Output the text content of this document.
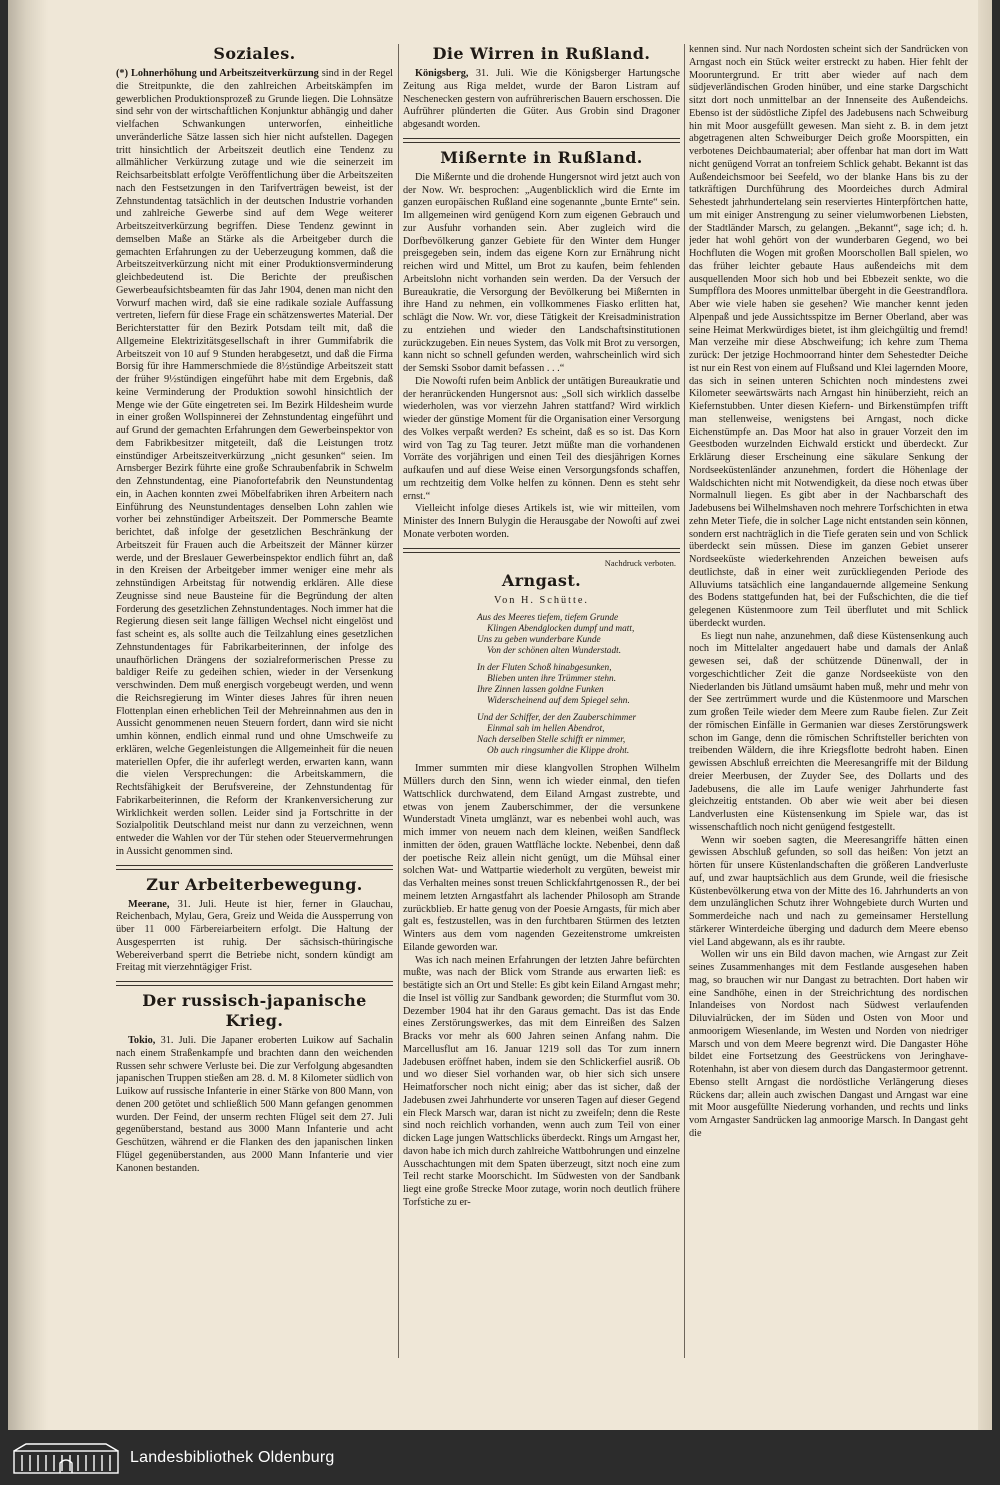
Soziales.

(*) Lohnerhöhung und Arbeitszeitverkürzung sind in der Regel die Streitpunkte, die den zahlreichen Arbeitskämpfen im gewerblichen Produktionsprozeß zu Grunde liegen. Die Lohnsätze sind sehr von der wirtschaftlichen Konjunktur abhängig und daher vielfachen Schwankungen unterworfen, einheitliche unveränderliche Sätze lassen sich hier nicht aufstellen. Dagegen tritt hinsichtlich der Arbeitszeit deutlich eine Tendenz zu allmählicher Verkürzung zutage und wie die seinerzeit im Reichsarbeitsblatt erfolgte Veröffentlichung über die Arbeitszeiten nach den Festsetzungen in den Tarifverträgen beweist, ist der Zehnstundentag tatsächlich in der deutschen Industrie vorhanden und zahlreiche Gewerbe sind auf dem Wege weiterer Arbeitszeitverkürzung begriffen. Diese Tendenz gewinnt in demselben Maße an Stärke als die Arbeitgeber durch die gemachten Erfahrungen zu der Ueberzeugung kommen, daß die Arbeitszeitverkürzung nicht mit einer Produktionsverminderung gleichbedeutend ist. Die Berichte der preußischen Gewerbeaufsichtsbeamten für das Jahr 1904, denen man nicht den Vorwurf machen wird, daß sie eine radikale soziale Auffassung vertreten, liefern für diese Frage ein schätzenswertes Material. Der Berichterstatter für den Bezirk Potsdam teilt mit, daß die Allgemeine Elektrizitätsgesellschaft in ihrer Gummifabrik die Arbeitszeit von 10 auf 9 Stunden herabgesetzt, und daß die Firma Borsig für ihre Hammerschmiede die 8½stündige Arbeitszeit statt der früher 9½stündigen eingeführt habe mit dem Ergebnis, daß keine Verminderung der Produktion sowohl hinsichtlich der Menge wie der Güte eingetreten sei. Im Bezirk Hildesheim wurde in einer großen Wollspinnerei der Zehnstundentag eingeführt und auf Grund der gemachten Erfahrungen dem Gewerbeinspektor von dem Fabrikbesitzer mitgeteilt, daß die Leistungen trotz einstündiger Arbeitszeitverkürzung „nicht gesunken“ seien. Im Arnsberger Bezirk führte eine große Schraubenfabrik in Schwelm den Zehnstundentag, eine Pianofortefabrik den Neunstundentag ein, in Aachen konnten zwei Möbelfabriken ihren Arbeitern nach Einführung des Neunstundentages denselben Lohn zahlen wie vorher bei zehnstündiger Arbeitszeit. Der Pommersche Beamte berichtet, daß infolge der gesetzlichen Beschränkung der Arbeitszeit für Frauen auch die Arbeitszeit der Männer kürzer werde, und der Breslauer Gewerbeinspektor endlich führt an, daß in den Kreisen der Arbeitgeber immer weniger eine mehr als zehnstündigen Arbeitstag für notwendig erklären. Alle diese Zeugnisse sind neue Bausteine für die Begründung der alten Forderung des gesetzlichen Zehnstundentages. Noch immer hat die Regierung diesen seit lange fälligen Wechsel nicht eingelöst und fast scheint es, als sollte auch die Teilzahlung eines gesetzlichen Zehnstundentages für Fabrikarbeiterinnen, der infolge des unaufhörlichen Drängens der sozialreformerischen Presse zu baldiger Reife zu gedeihen schien, wieder in der Versenkung verschwinden. Dem muß energisch vorgebeugt werden, und wenn die Reichsregierung im Winter dieses Jahres für ihren neuen Flottenplan einen erheblichen Teil der Mehreinnahmen aus den in Aussicht genommenen neuen Steuern fordert, dann wird sie nicht umhin können, endlich einmal rund und ohne Umschweife zu erklären, welche Gegenleistungen die Allgemeinheit für die neuen materiellen Opfer, die ihr auferlegt werden, erwarten kann, wann die vielen Versprechungen: die Arbeitskammern, die Rechtsfähigkeit der Berufsvereine, der Zehnstundentag für Fabrikarbeiterinnen, die Reform der Krankenversicherung zur Wirklichkeit werden sollen. Leider sind ja Fortschritte in der Sozialpolitik Deutschland meist nur dann zu verzeichnen, wenn entweder die Wahlen vor der Tür stehen oder Steuervermehrungen in Aussicht genommen sind.

Zur Arbeiterbewegung.

Meerane, 31. Juli. Heute ist hier, ferner in Glauchau, Reichenbach, Mylau, Gera, Greiz und Weida die Aussperrung von über 11 000 Färbereiarbeitern erfolgt. Die Haltung der Ausgesperrten ist ruhig. Der sächsisch-thüringische Webereiverband sperrt die Betriebe nicht, sondern kündigt am Freitag mit vierzehntägiger Frist.

Der russisch-japanische Krieg.

Tokio, 31. Juli. Die Japaner eroberten Luikow auf Sachalin nach einem Straßenkampfe und brachten dann den weichenden Russen sehr schwere Verluste bei. Die zur Verfolgung abgesandten japanischen Truppen stießen am 28. d. M. 8 Kilometer südlich von Luikow auf russische Infanterie in einer Stärke von 800 Mann, von denen 200 getötet und schließlich 500 Mann gefangen genommen wurden. Der Feind, der unserm rechten Flügel seit dem 27. Juli gegenüberstand, bestand aus 3000 Mann Infanterie und acht Geschützen, während er die Flanken des den japanischen linken Flügel gegenüberstanden, aus 2000 Mann Infanterie und vier Kanonen bestanden.

Die Wirren in Rußland.

Königsberg, 31. Juli. Wie die Königsberger Hartungsche Zeitung aus Riga meldet, wurde der Baron Listram auf Neschenecken gestern von aufrührerischen Bauern erschossen. Die Aufrührer plünderten die Güter. Aus Grobin sind Dragoner abgesandt worden.

Mißernte in Rußland.

Die Mißernte und die drohende Hungersnot wird jetzt auch von der Now. Wr. besprochen: „Augenblicklich wird die Ernte im ganzen europäischen Rußland eine sogenannte „bunte Ernte“ sein. Im allgemeinen wird genügend Korn zum eigenen Gebrauch und zur Ausfuhr vorhanden sein. Aber zugleich wird die Dorfbevölkerung ganzer Gebiete für den Winter dem Hunger preisgegeben sein, indem das eigene Korn zur Ernährung nicht reichen wird und Mittel, um Brot zu kaufen, beim fehlenden Arbeitslohn nicht vorhanden sein werden. Da der Versuch der Bureaukratie, die Versorgung der Bevölkerung bei Mißernten in ihre Hand zu nehmen, ein vollkommenes Fiasko erlitten hat, schlägt die Now. Wr. vor, diese Tätigkeit der Kreisadministration zu entziehen und wieder den Landschaftsinstitutionen zurückzugeben. Ein neues System, das Volk mit Brot zu versorgen, kann nicht so schnell gefunden werden, wahrscheinlich wird sich der Semski Ssobor damit befassen . . .“

Die Nowoſti rufen beim Anblick der untätigen Bureaukratie und der heranrückenden Hungersnot aus: „Soll sich wirklich dasselbe wiederholen, was vor vierzehn Jahren stattfand? Wird wirklich wieder der günstige Moment für die Organisation einer Versorgung des Volkes verpaßt werden? Es scheint, daß es so ist. Das Korn wird von Tag zu Tag teurer. Jetzt müßte man die vorhandenen Vorräte des vorjährigen und einen Teil des diesjährigen Kornes aufkaufen und auf diese Weise einen Versorgungsfonds schaffen, um rechtzeitig dem Volke helfen zu können. Denn es steht sehr ernst.“

Vielleicht infolge dieses Artikels ist, wie wir mitteilen, vom Minister des Innern Bulygin die Herausgabe der Nowoſti auf zwei Monate verboten worden.

Nachdruck verboten.
Arngast.
Von H. Schütte.
Aus des Meeres tiefem, tiefem Grunde
Klingen Abendglocken dumpf und matt,
Uns zu geben wunderbare Kunde
Von der schönen alten Wunderstadt.
In der Fluten Schoß hinabgesunken,
Blieben unten ihre Trümmer stehn.
Ihre Zinnen lassen goldne Funken
Widerscheinend auf dem Spiegel sehn.
Und der Schiffer, der den Zauberschimmer
Einmal sah im hellen Abendrot,
Nach derselben Stelle schifft er nimmer,
Ob auch ringsumher die Klippe droht.

Immer summten mir diese klangvollen Strophen Wilhelm Müllers durch den Sinn, wenn ich wieder einmal, den tiefen Wattschlick durchwatend, dem Eiland Arngast zustrebte, und etwas von jenem Zauberschimmer, der die versunkene Wunderstadt Vineta umglänzt, war es nebenbei wohl auch, was mich immer von neuem nach dem kleinen, weißen Sandfleck inmitten der öden, grauen Wattfläche lockte. Nebenbei, denn daß der poetische Reiz allein nicht genügt, um die Mühsal einer solchen Wat- und Wattpartie wiederholt zu vergüten, beweist mir das Verhalten meines sonst treuen Schlickfahrtgenossen R., der bei meinem letzten Arngastfahrt als lachender Philosoph am Strande zurückblieb. Er hatte genug von der Poesie Arngasts, für mich aber galt es, festzustellen, was in den furchtbaren Stürmen des letzten Winters aus dem vom nagenden Gezeitenstrome umkreisten Eilande geworden war.

Was ich nach meinen Erfahrungen der letzten Jahre befürchten mußte, was nach der Blick vom Strande aus erwarten ließ: es bestätigte sich an Ort und Stelle: Es gibt kein Eiland Arngast mehr; die Insel ist völlig zur Sandbank geworden; die Sturmflut vom 30. Dezember 1904 hat ihr den Garaus gemacht. Das ist das Ende eines Zerstörungswerkes, das mit dem Einreißen des Salzen Bracks vor mehr als 600 Jahren seinen Anfang nahm. Die Marcellusflut am 16. Januar 1219 soll das Tor zum innern Jadebusen eröffnet haben, indem sie den Schlickerfiel ausriß. Ob und wo dieser Siel vorhanden war, ob hier sich sich unsere Heimatforscher noch nicht einig; aber das ist sicher, daß der Jadebusen zwei Jahrhunderte vor unseren Tagen auf dieser Gegend ein Fleck Marsch war, daran ist nicht zu zweifeln; denn die Reste sind noch reichlich vorhanden, wenn auch zum Teil von einer dicken Lage jungen Wattschlicks überdeckt. Rings um Arngast her, davon habe ich mich durch zahlreiche Wattbohrungen und einzelne Ausschachtungen mit dem Spaten überzeugt, sitzt noch eine zum Teil recht starke Moorschicht. Im Südwesten von der Sandbank liegt eine große Strecke Moor zutage, worin noch deutlich frühere Torfstiche zu er-

kennen sind. Nur nach Nordosten scheint sich der Sandrücken von Arngast noch ein Stück weiter erstreckt zu haben. Hier fehlt der Mooruntergrund. Er tritt aber wieder auf nach dem südjeverländischen Groden hinüber, und eine starke Dargschicht sitzt dort noch unmittelbar an der Innenseite des Außendeichs. Ebenso ist der südöstliche Zipfel des Jadebusens nach Schweiburg hin mit Moor ausgefüllt gewesen. Man sieht z. B. in dem jetzt abgetragenen alten Schweiburger Deich große Moorspitten, ein verbotenes Deichbaumaterial; aber offenbar hat man dort im Watt nicht genügend Vorrat an tonfreiem Schlick gehabt. Bekannt ist das Außendeichsmoor bei Seefeld, wo der blanke Hans bis zu der tatkräftigen Durchführung des Moordeiches durch Admiral Sehestedt jahrhundertelang sein reserviertes Hinterpförtchen hatte, um mit einiger Anstrengung zu seiner vielumworbenen Liebsten, der Stadtländer Marsch, zu gelangen. „Bekannt“, sage ich; d. h. jeder hat wohl gehört von der wunderbaren Gegend, wo bei Hochfluten die Wogen mit großen Moorschollen Ball spielen, wo das früher leichter gebaute Haus außendeichs mit dem ausquellenden Moor sich hob und bei Ebbezeit senkte, wo die Sumpfflora des Moores unmittelbar übergeht in die Geestrandflora. Aber wie viele haben sie gesehen? Wie mancher kennt jeden Alpenpaß und jede Aussichtsspitze im Berner Oberland, aber was seine Heimat Merkwürdiges bietet, ist ihm gleichgültig und fremd! Man verzeihe mir diese Abschweifung; ich kehre zum Thema zurück: Der jetzige Hochmoorrand hinter dem Sehestedter Deiche ist nur ein Rest von einem auf Flußsand und Klei lagernden Moore, das sich in seinen unteren Schichten noch mindestens zwei Kilometer seewärtswärts nach Arngast hin hinüberzieht, reich an Kiefernstubben. Unter diesen Kiefern- und Birkenstümpfen trifft man stellenweise, wenigstens bei Arngast, noch dicke Eichenstümpfe an. Das Moor hat also in grauer Vorzeit den im Geestboden wurzelnden Eichwald erstickt und überdeckt. Zur Erklärung dieser Erscheinung eine säkulare Senkung der Nordseeküstenländer anzunehmen, fordert die Höhenlage der Waldschichten nicht mit Notwendigkeit, da diese noch etwas über Normalnull liegen. Es gibt aber in der Nachbarschaft des Jadebusens bei Wilhelmshaven noch mehrere Torfschichten in etwa zehn Meter Tiefe, die in solcher Lage nicht entstanden sein können, sondern erst nachträglich in die Tiefe geraten sein und von Schlick überdeckt sein müssen. Diese im ganzen Gebiet unserer Nordseeküste wiederkehrenden Anzeichen beweisen aufs deutlichste, daß in einer weit zurückliegenden Periode des Alluviums tatsächlich eine langandauernde allgemeine Senkung des Bodens stattgefunden hat, bei der Fußschichten, die die tief gelegenen Küstenmoore zum Teil überflutet und mit Schlick überdeckt wurden.

Es liegt nun nahe, anzunehmen, daß diese Küstensenkung auch noch im Mittelalter angedauert habe und damals der Anlaß gewesen sei, daß der schützende Dünenwall, der in vorgeschichtlicher Zeit die ganze Nordseeküste von den Niederlanden bis Jütland umsäumt haben muß, mehr und mehr von der See zertrümmert wurde und die Küstenmoore und Marschen zum großen Teile wieder dem Meere zum Raube fielen. Zur Zeit der römischen Einfälle in Germanien war dieses Zerstörungswerk schon im Gange, denn die römischen Schriftsteller berichten von treibenden Wäldern, die ihre Kriegsflotte bedroht haben. Einen gewissen Abschluß erreichten die Meeresangriffe mit der Bildung dreier Meerbusen, der Zuyder See, des Dollarts und des Jadebusens, die alle im Laufe weniger Jahrhunderte fast gleichzeitig entstanden. Ob aber wie weit aber bei diesen Landverlusten eine Küstensenkung im Spiele war, das ist wissenschaftlich noch nicht genügend festgestellt.

Wenn wir soeben sagten, die Meeresangriffe hätten einen gewissen Abschluß gefunden, so soll das heißen: Von jetzt an hörten für unsere Küstenlandschaften die größeren Landverluste auf, und zwar hauptsächlich aus dem Grunde, weil die friesische Küstenbevölkerung etwa von der Mitte des 16. Jahrhunderts an von dem unzulänglichen Schutz ihrer Wohngebiete durch Wurten und Sommerdeiche nach und nach zu gemeinsamer Herstellung stärkerer Winterdeiche überging und dadurch dem Meere ebenso viel Land abgewann, als es ihr raubte.

Wollen wir uns ein Bild davon machen, wie Arngast zur Zeit seines Zusammenhanges mit dem Festlande ausgesehen haben mag, so brauchen wir nur Dangast zu betrachten. Dort haben wir eine Sandhöhe, einen in der Streichrichtung des nordischen Inlandeises von Nordost nach Südwest verlaufenden Diluvialrücken, der im Süden und Osten von Moor und anmoorigem Wiesenlande, im Westen und Norden von niedriger Marsch und von dem Meere begrenzt wird. Die Dangaster Höhe bildet eine Fortsetzung des Geestrückens von Jeringhave-Rotenhahn, ist aber von diesem durch das Dangastermoor getrennt. Ebenso stellt Arngast die nordöstliche Verlängerung dieses Rückens dar; allein auch zwischen Dangast und Arngast war eine mit Moor ausgefüllte Niederung vorhanden, und rechts und links vom Arngaster Sandrücken lag anmoorige Marsch. In Dangast geht die

Landesbibliothek Oldenburg
